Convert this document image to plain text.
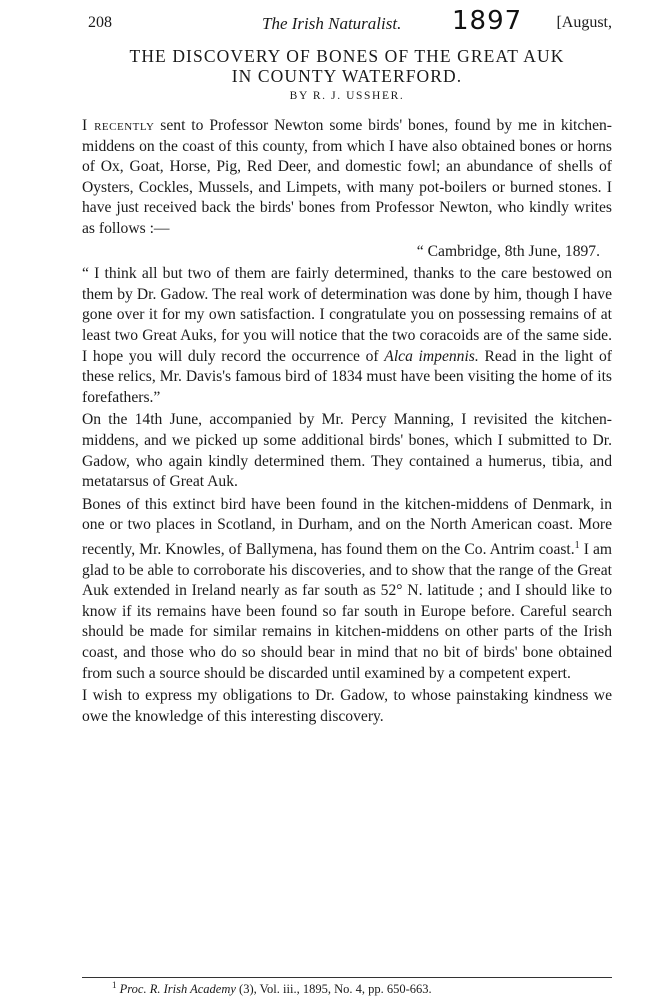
208	The Irish Naturalist. 1897 [August,
THE DISCOVERY OF BONES OF THE GREAT AUK
IN COUNTY WATERFORD.
BY R. J. USSHER.

I recently sent to Professor Newton some birds' bones, found by me in kitchen-middens on the coast of this county, from which I have also obtained bones or horns of Ox, Goat, Horse, Pig, Red Deer, and domestic fowl; an abundance of shells of Oysters, Cockles, Mussels, and Limpets, with many pot-boilers or burned stones. I have just received back the birds' bones from Professor Newton, who kindly writes as follows :—

“ Cambridge, 8th June, 1897.

“ I think all but two of them are fairly determined, thanks to the care bestowed on them by Dr. Gadow. The real work of determination was done by him, though I have gone over it for my own satisfaction. I congratulate you on possessing remains of at least two Great Auks, for you will notice that the two coracoids are of the same side. I hope you will duly record the occurrence of Alca impennis. Read in the light of these relics, Mr. Davis's famous bird of 1834 must have been visiting the home of its forefathers.”

On the 14th June, accompanied by Mr. Percy Manning, I revisited the kitchen-middens, and we picked up some additional birds' bones, which I submitted to Dr. Gadow, who again kindly determined them. They contained a humerus, tibia, and metatarsus of Great Auk.

Bones of this extinct bird have been found in the kitchen-middens of Denmark, in one or two places in Scotland, in Durham, and on the North American coast. More recently, Mr. Knowles, of Ballymena, has found them on the Co. Antrim coast.$^1$ I am glad to be able to corroborate his discoveries, and to show that the range of the Great Auk extended in Ireland nearly as far south as 52° N. latitude ; and I should like to know if its remains have been found so far south in Europe before. Careful search should be made for similar remains in kitchen-middens on other parts of the Irish coast, and those who do so should bear in mind that no bit of birds' bone obtained from such a source should be discarded until examined by a competent expert.

I wish to express my obligations to Dr. Gadow, to whose painstaking kindness we owe the knowledge of this interesting discovery.

$^1$ Proc. R. Irish Academy (3), Vol. iii., 1895, No. 4, pp. 650-663.
